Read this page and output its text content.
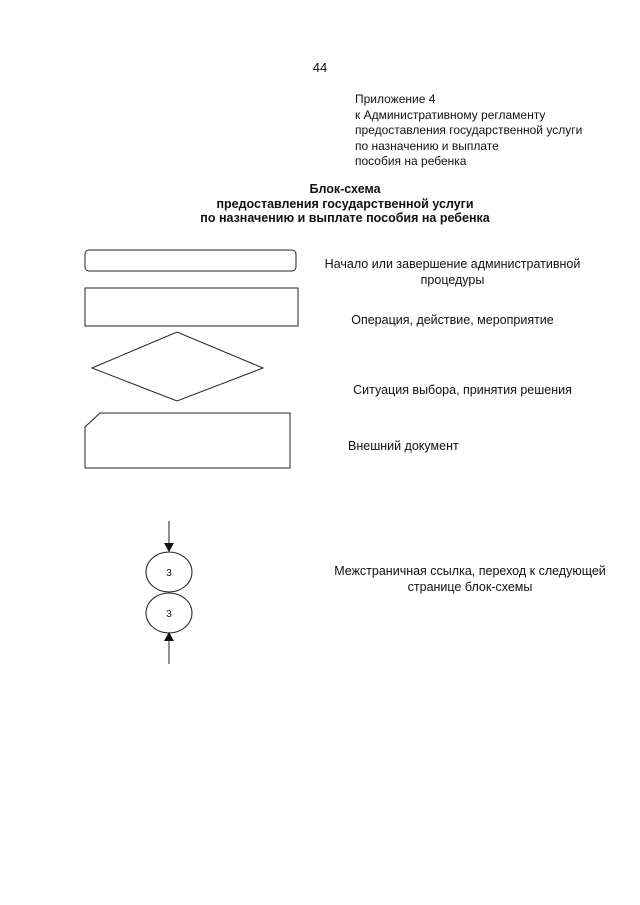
44
Приложение 4
к Административному регламенту
предоставления государственной услуги
по назначению и выплате
пособия на ребенка
Блок-схема
предоставления государственной услуги
по назначению и выплате пособия на ребенка
3
3
Начало или завершение административной
процедуры
Операция, действие, мероприятие
Ситуация выбора, принятия решения
Внешний документ
Межстраничная ссылка, переход к следующей
странице блок-схемы
